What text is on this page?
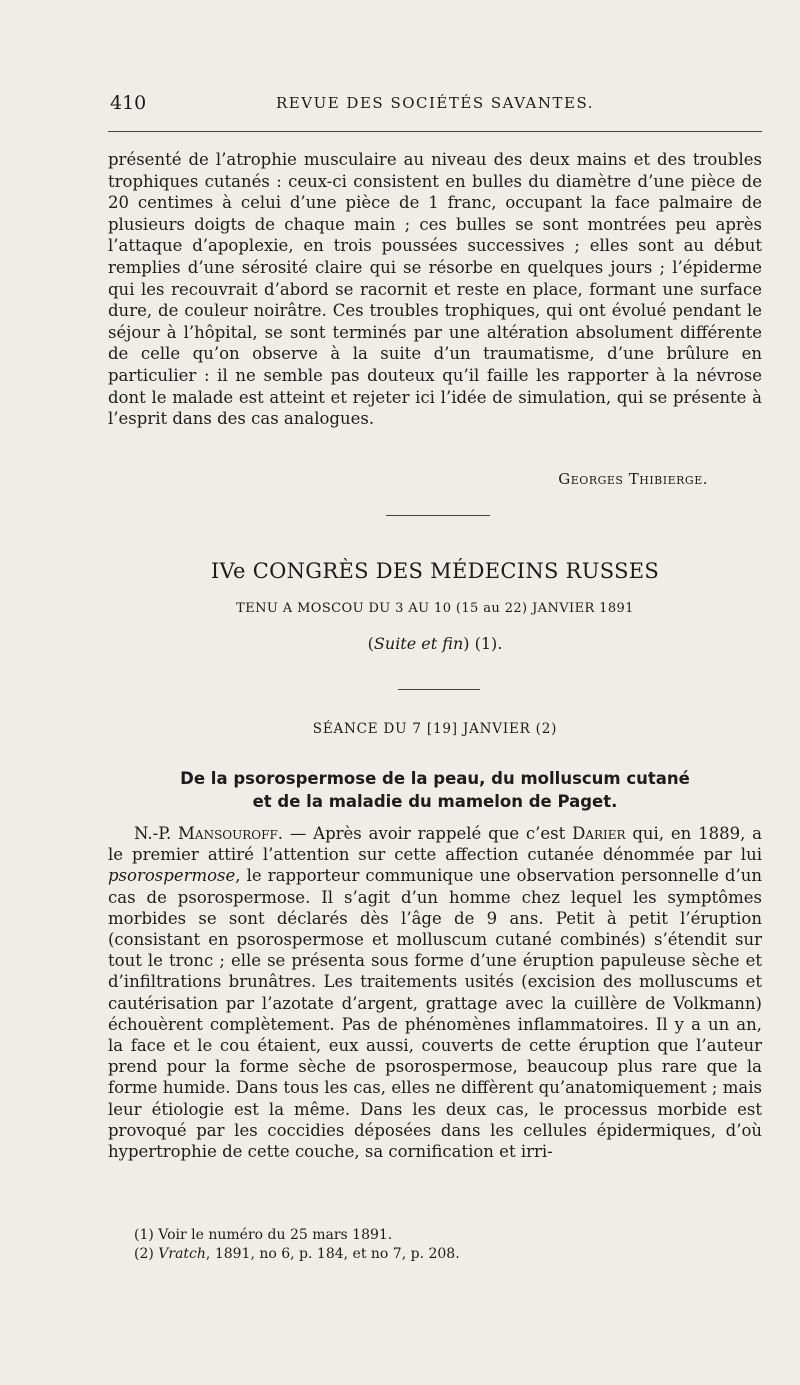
410	REVUE DES SOCIÉTÉS SAVANTES.

présenté de l’atrophie musculaire au niveau des deux mains et des troubles trophiques cutanés : ceux-ci consistent en bulles du diamètre d’une pièce de 20 centimes à celui d’une pièce de 1 franc, occupant la face palmaire de plusieurs doigts de chaque main ; ces bulles se sont montrées peu après l’attaque d’apoplexie, en trois poussées successives ; elles sont au début remplies d’une sérosité claire qui se résorbe en quelques jours ; l’épiderme qui les recouvrait d’abord se racornit et reste en place, formant une surface dure, de couleur noirâtre. Ces troubles trophiques, qui ont évolué pendant le séjour à l’hôpital, se sont terminés par une altération absolument différente de celle qu’on observe à la suite d’un traumatisme, d’une brûlure en particulier : il ne semble pas douteux qu’il faille les rapporter à la névrose dont le malade est atteint et rejeter ici l’idée de simulation, qui se présente à l’esprit dans des cas analogues.

Georges Thibierge.
IVe CONGRÈS DES MÉDECINS RUSSES
TENU A MOSCOU DU 3 AU 10 (15 au 22) JANVIER 1891
(Suite et fin) (1).
SÉANCE DU 7 [19] JANVIER (2)
De la psorospermose de la peau, du molluscum cutané
et de la maladie du mamelon de Paget.

N.-P. Mansouroff. — Après avoir rappelé que c’est Darier qui, en 1889, a le premier attiré l’attention sur cette affection cutanée dénommée par lui psorospermose, le rapporteur communique une observation personnelle d’un cas de psorospermose. Il s’agit d’un homme chez lequel les symptômes morbides se sont déclarés dès l’âge de 9 ans. Petit à petit l’éruption (consistant en psorospermose et molluscum cutané combinés) s’étendit sur tout le tronc ; elle se présenta sous forme d’une éruption papuleuse sèche et d’infiltrations brunâtres. Les traitements usités (excision des molluscums et cautérisation par l’azotate d’argent, grattage avec la cuillère de Volkmann) échouèrent complètement. Pas de phénomènes inflammatoires. Il y a un an, la face et le cou étaient, eux aussi, couverts de cette éruption que l’auteur prend pour la forme sèche de psorospermose, beaucoup plus rare que la forme humide. Dans tous les cas, elles ne diffèrent qu’anatomiquement ; mais leur étiologie est la même. Dans les deux cas, le processus morbide est provoqué par les coccidies déposées dans les cellules épidermiques, d’où hypertrophie de cette couche, sa cornification et irri-

(1) Voir le numéro du 25 mars 1891.
(2) Vratch, 1891, no 6, p. 184, et no 7, p. 208.
